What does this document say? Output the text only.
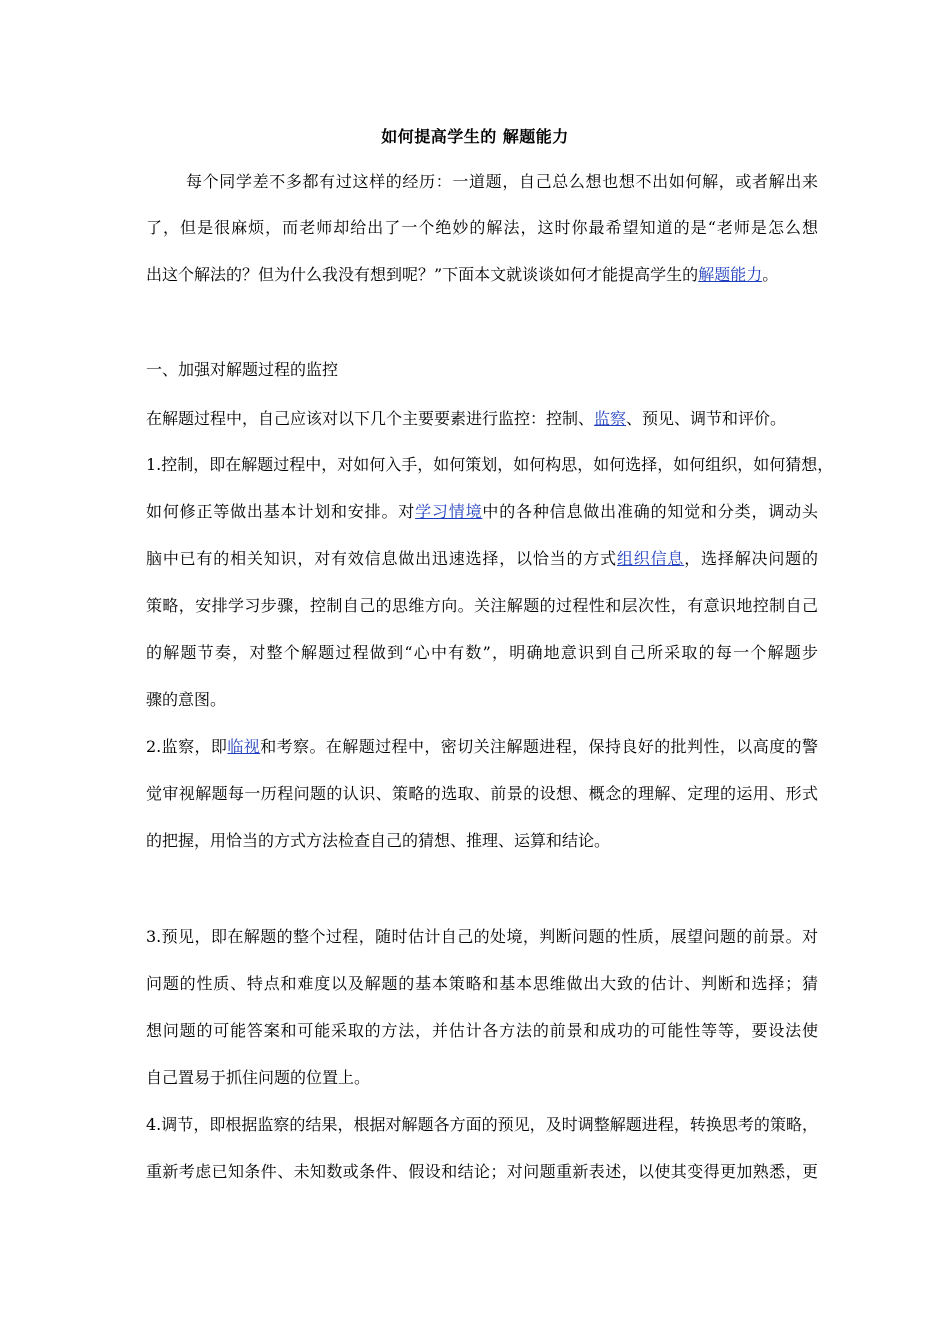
如何提高学生的 解题能力
每个同学差不多都有过这样的经历：一道题，自己总么想也想不出如何解，或者解出来
了，但是很麻烦，而老师却给出了一个绝妙的解法，这时你最希望知道的是“老师是怎么想
出这个解法的？但为什么我没有想到呢？”下面本文就谈谈如何才能提高学生的解题能力。
一、加强对解题过程的监控
在解题过程中，自己应该对以下几个主要要素进行监控：控制、监察、预见、调节和评价。
1.控制，即在解题过程中，对如何入手，如何策划，如何构思，如何选择，如何组织，如何猜想，
如何修正等做出基本计划和安排。对学习情境中的各种信息做出准确的知觉和分类，调动头
脑中已有的相关知识，对有效信息做出迅速选择，以恰当的方式组织信息，选择解决问题的
策略，安排学习步骤，控制自己的思维方向。关注解题的过程性和层次性，有意识地控制自己
的解题节奏，对整个解题过程做到“心中有数”，明确地意识到自己所采取的每一个解题步
骤的意图。
2.监察，即临视和考察。在解题过程中，密切关注解题进程，保持良好的批判性，以高度的警
觉审视解题每一历程问题的认识、策略的选取、前景的设想、概念的理解、定理的运用、形式
的把握，用恰当的方式方法检查自己的猜想、推理、运算和结论。
3.预见，即在解题的整个过程，随时估计自己的处境，判断问题的性质，展望问题的前景。对
问题的性质、特点和难度以及解题的基本策略和基本思维做出大致的估计、判断和选择；猜
想问题的可能答案和可能采取的方法，并估计各方法的前景和成功的可能性等等，要设法使
自己置易于抓住问题的位置上。
4.调节，即根据监察的结果，根据对解题各方面的预见，及时调整解题进程，转换思考的策略，
重新考虑已知条件、未知数或条件、假设和结论；对问题重新表述，以使其变得更加熟悉，更
